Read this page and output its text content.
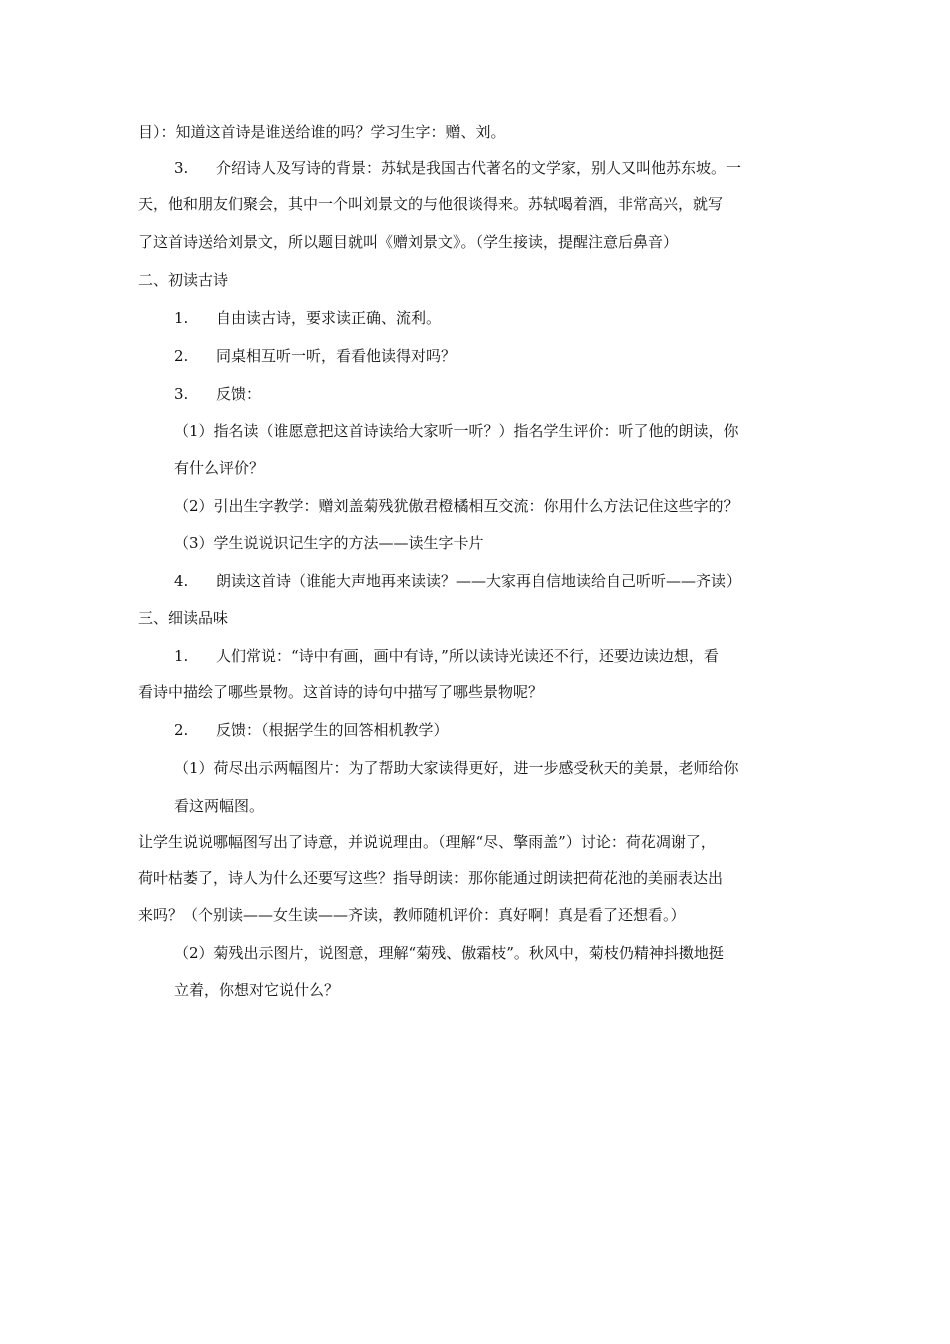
目）：知道这首诗是谁送给谁的吗？学习生字：赠、刘。
3. 介绍诗人及写诗的背景：苏轼是我国古代著名的文学家，别人又叫他苏东坡。一
天，他和朋友们聚会，其中一个叫刘景文的与他很谈得来。苏轼喝着酒，非常高兴，就写
了这首诗送给刘景文，所以题目就叫《赠刘景文》。（学生接读，提醒注意后鼻音）
二、初读古诗
1. 自由读古诗，要求读正确、流利。
2. 同桌相互听一听，看看他读得对吗？
3. 反馈：
（1）指名读（谁愿意把这首诗读给大家听一听？）指名学生评价：听了他的朗读，你
有什么评价？
（2）引出生字教学：赠刘盖菊残犹傲君橙橘相互交流：你用什么方法记住这些字的？
（3）学生说说识记生字的方法——读生字卡片
4. 朗读这首诗（谁能大声地再来读读？——大家再自信地读给自己听听——齐读）
三、细读品味
1. 人们常说：“诗中有画，画中有诗，”所以读诗光读还不行，还要边读边想，看
看诗中描绘了哪些景物。这首诗的诗句中描写了哪些景物呢？
2. 反馈：（根据学生的回答相机教学）
（1）荷尽出示两幅图片：为了帮助大家读得更好，进一步感受秋天的美景，老师给你
看这两幅图。
让学生说说哪幅图写出了诗意，并说说理由。（理解“尽、擎雨盖”）讨论：荷花凋谢了，
荷叶枯萎了，诗人为什么还要写这些？指导朗读：那你能通过朗读把荷花池的美丽表达出
来吗？（个别读——女生读——齐读，教师随机评价：真好啊！真是看了还想看。）
（2）菊残出示图片，说图意，理解“菊残、傲霜枝”。秋风中，菊枝仍精神抖擞地挺
立着，你想对它说什么？
